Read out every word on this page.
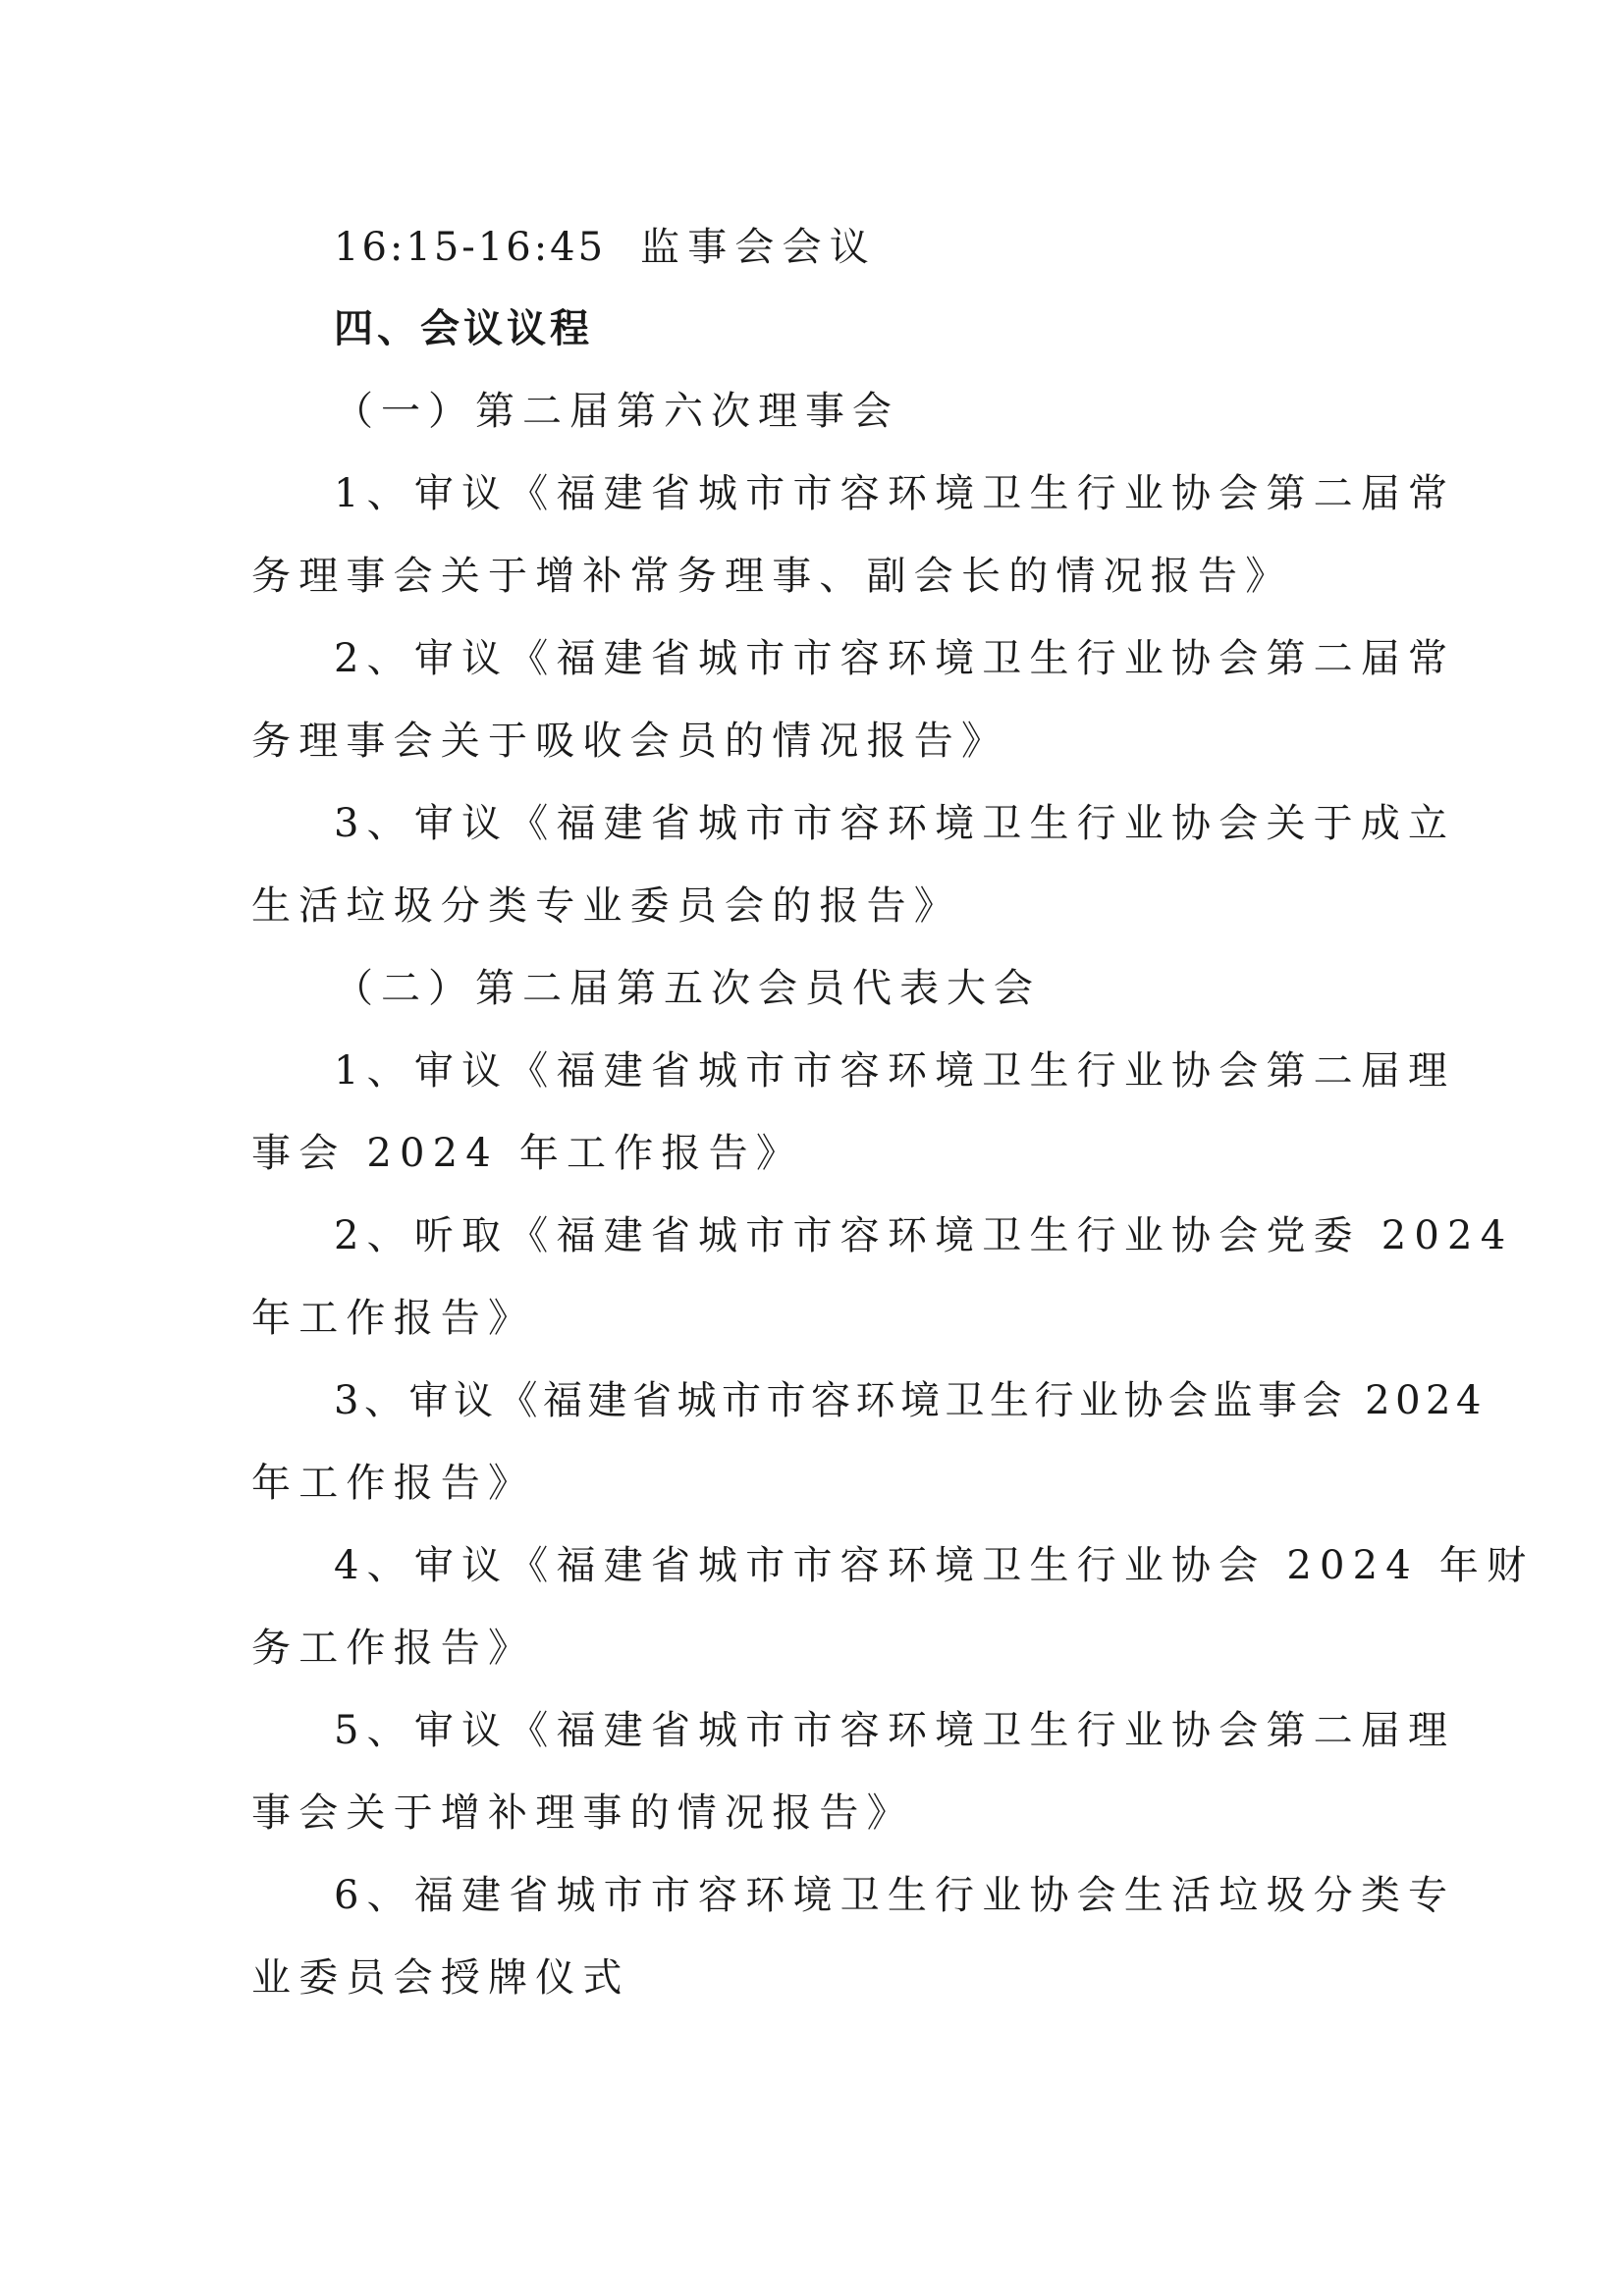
16:15-16:45 监事会会议
四、会议议程
（一）第二届第六次理事会
1、审议《福建省城市市容环境卫生行业协会第二届常
务理事会关于增补常务理事、副会长的情况报告》
2、审议《福建省城市市容环境卫生行业协会第二届常
务理事会关于吸收会员的情况报告》
3、审议《福建省城市市容环境卫生行业协会关于成立
生活垃圾分类专业委员会的报告》
（二）第二届第五次会员代表大会
1、审议《福建省城市市容环境卫生行业协会第二届理
事会 2024 年工作报告》
2、听取《福建省城市市容环境卫生行业协会党委 2024
年工作报告》
3、审议《福建省城市市容环境卫生行业协会监事会 2024
年工作报告》
4、审议《福建省城市市容环境卫生行业协会 2024 年财
务工作报告》
5、审议《福建省城市市容环境卫生行业协会第二届理
事会关于增补理事的情况报告》
6、福建省城市市容环境卫生行业协会生活垃圾分类专
业委员会授牌仪式
